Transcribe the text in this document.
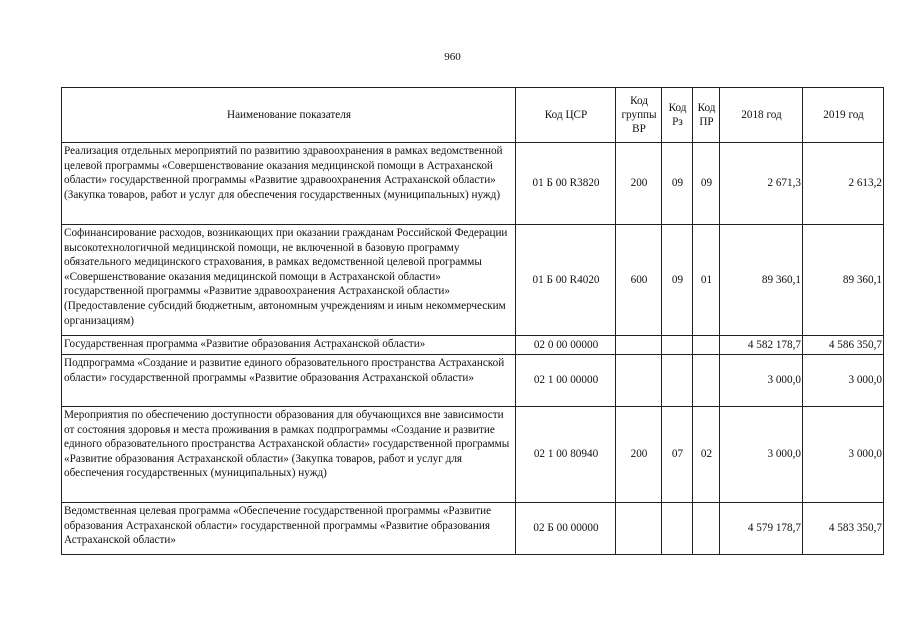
960
Наименование показателя	Код ЦСР	Код группы ВР	Код Рз	Код ПР	2018 год	2019 год
Реализация отдельных мероприятий по развитию здравоохранения в рамках ведомственной целевой программы «Совершенствование оказания медицинской помощи в Астраханской области» государственной программы «Развитие здравоохранения Астраханской области» (Закупка товаров, работ и услуг для обеспечения государственных (муниципальных) нужд)	01 Б 00 R3820	200	09	09	2 671,3	2 613,2
Софинансирование расходов, возникающих при оказании гражданам Российской Федерации высокотехнологичной медицинской помощи, не включенной в базовую программу обязательного медицинского страхования, в рамках ведомственной целевой программы «Совершенствование оказания медицинской помощи в Астраханской области» государственной программы «Развитие здравоохранения Астраханской области» (Предоставление субсидий бюджетным, автономным учреждениям и иным некоммерческим организациям)	01 Б 00 R4020	600	09	01	89 360,1	89 360,1
Государственная программа «Развитие образования Астраханской области»	02 0 00 00000				4 582 178,7	4 586 350,7
Подпрограмма «Создание и развитие единого образовательного пространства Астраханской области» государственной программы «Развитие образования Астраханской области»	02 1 00 00000				3 000,0	3 000,0
Мероприятия по обеспечению доступности образования для обучающихся вне зависимости от состояния здоровья и места проживания в рамках подпрограммы «Создание и развитие единого образовательного пространства Астраханской области» государственной программы «Развитие образования Астраханской области» (Закупка товаров, работ и услуг для обеспечения государственных (муниципальных) нужд)	02 1 00 80940	200	07	02	3 000,0	3 000,0
Ведомственная целевая программа «Обеспечение государственной программы «Развитие образования Астраханской области» государственной программы «Развитие образования Астраханской области»	02 Б 00 00000				4 579 178,7	4 583 350,7
